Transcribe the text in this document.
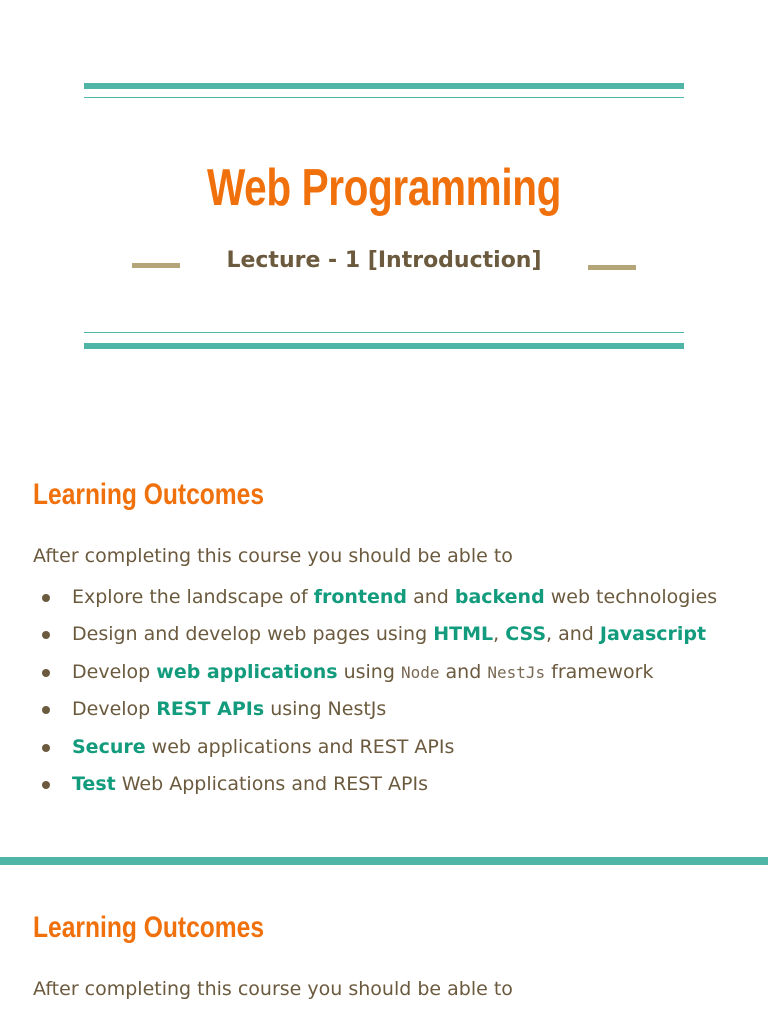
Web Programming
Lecture - 1 [Introduction]
Learning Outcomes
After completing this course you should be able to
Explore the landscape of frontend and backend web technologies
Design and develop web pages using HTML, CSS, and Javascript
Develop web applications using Node and NestJs framework
Develop REST APIs using NestJs
Secure web applications and REST APIs
Test Web Applications and REST APIs
Learning Outcomes
After completing this course you should be able to
